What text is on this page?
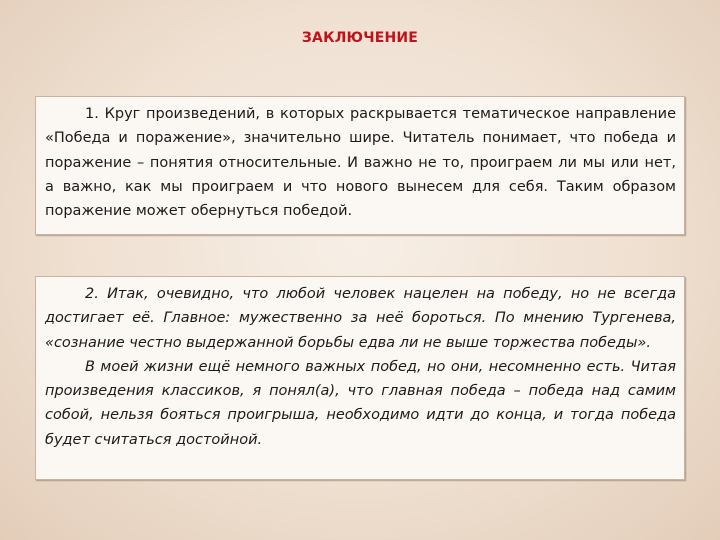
ЗАКЛЮЧЕНИЕ

1. Круг произведений, в которых раскрывается тематическое направление «Победа и поражение», значительно шире. Читатель понимает, что победа и поражение – понятия относительные. И важно не то, проиграем ли мы или нет, а важно, как мы проиграем и что нового вынесем для себя. Таким образом поражение может обернуться победой.

2. Итак, очевидно, что любой человек нацелен на победу, но не всегда достигает её. Главное: мужественно за неё бороться. По мнению Тургенева, «сознание честно выдержанной борьбы едва ли не выше торжества победы».

В моей жизни ещё немного важных побед, но они, несомненно есть. Читая произведения классиков, я понял(а), что главная победа – победа над самим собой, нельзя бояться проигрыша, необходимо идти до конца, и тогда победа будет считаться достойной.
